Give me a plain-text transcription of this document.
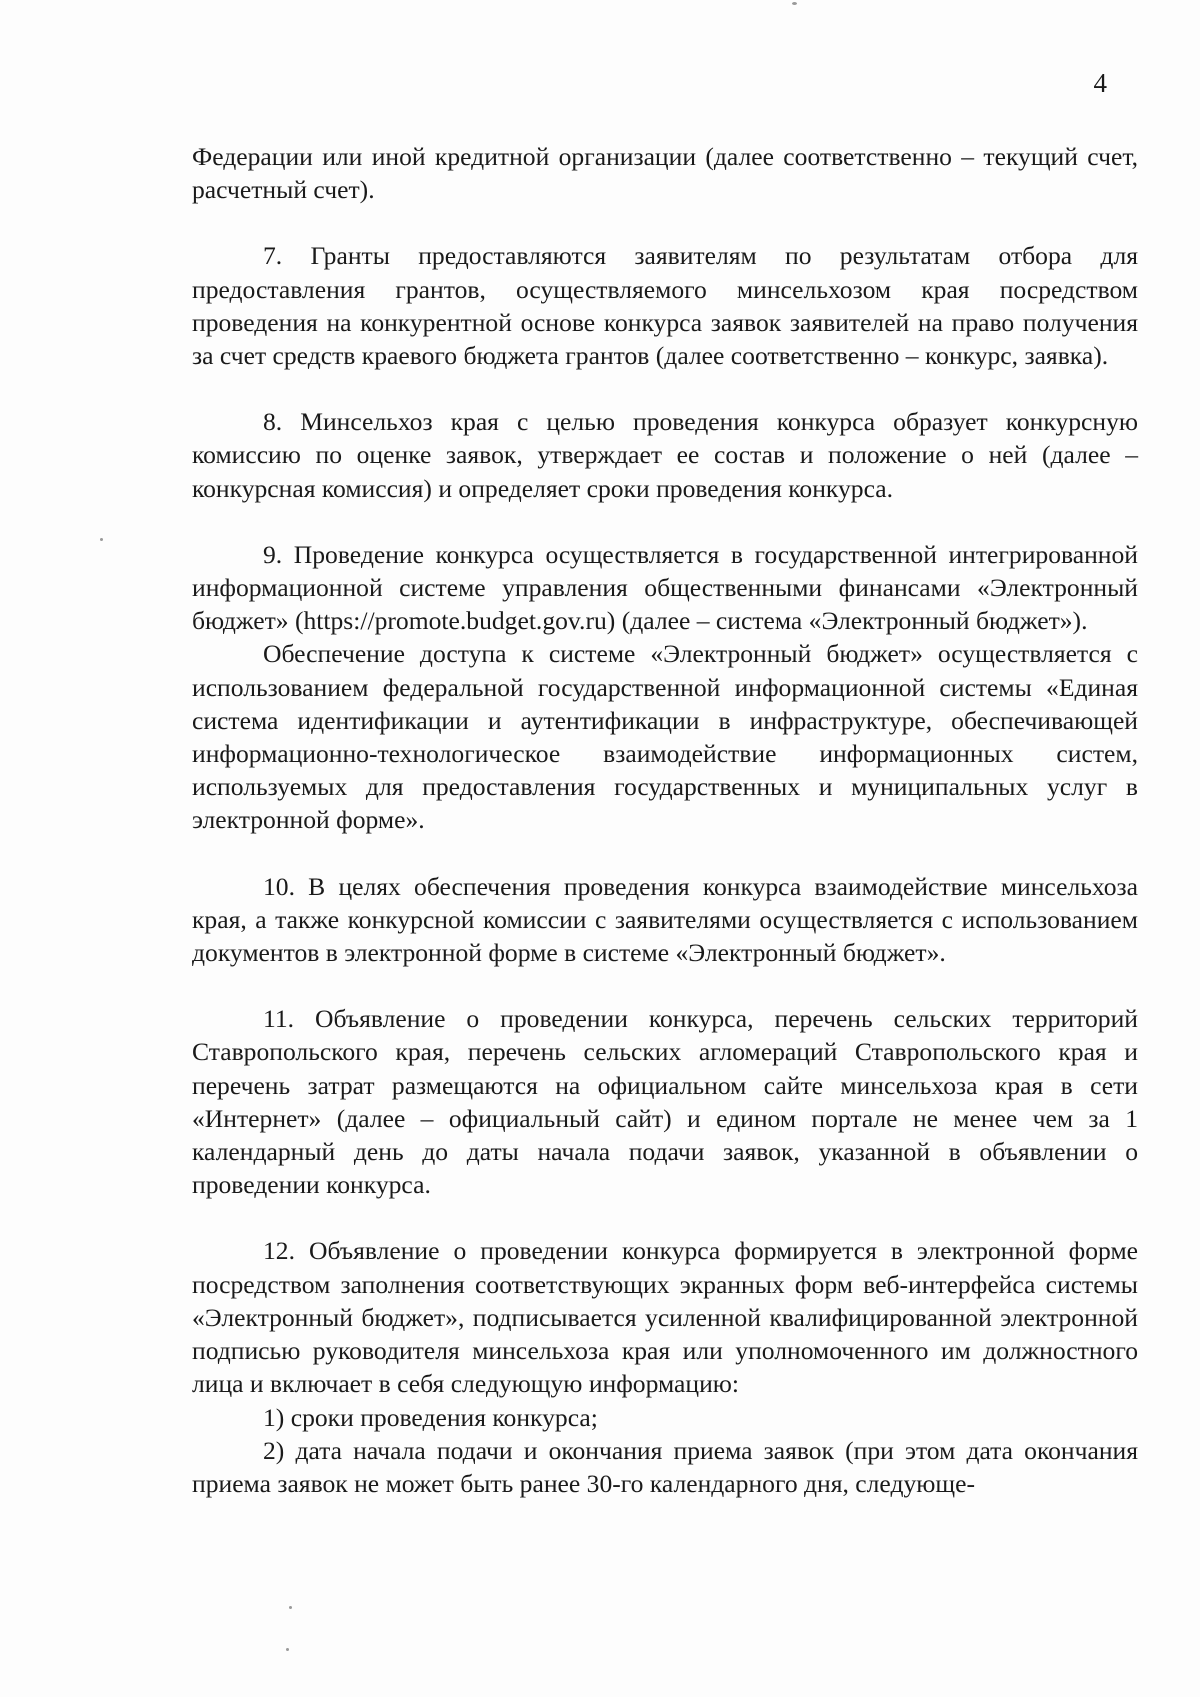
4

Федерации или иной кредитной организации (далее соответственно – текущий счет, расчетный счет).

7. Гранты предоставляются заявителям по результатам отбора для предоставления грантов, осуществляемого минсельхозом края посредством проведения на конкурентной основе конкурса заявок заявителей на право получения за счет средств краевого бюджета грантов (далее соответственно – конкурс, заявка).

8. Минсельхоз края с целью проведения конкурса образует конкурсную комиссию по оценке заявок, утверждает ее состав и положение о ней (далее – конкурсная комиссия) и определяет сроки проведения конкурса.

9. Проведение конкурса осуществляется в государственной интегрированной информационной системе управления общественными финансами «Электронный бюджет» (https://promote.budget.gov.ru) (далее – система «Электронный бюджет»).

Обеспечение доступа к системе «Электронный бюджет» осуществляется с использованием федеральной государственной информационной системы «Единая система идентификации и аутентификации в инфраструктуре, обеспечивающей информационно-технологическое взаимодействие информационных систем, используемых для предоставления государственных и муниципальных услуг в электронной форме».

10. В целях обеспечения проведения конкурса взаимодействие минсельхоза края, а также конкурсной комиссии с заявителями осуществляется с использованием документов в электронной форме в системе «Электронный бюджет».

11. Объявление о проведении конкурса, перечень сельских территорий Ставропольского края, перечень сельских агломераций Ставропольского края и перечень затрат размещаются на официальном сайте минсельхоза края в сети «Интернет» (далее – официальный сайт) и едином портале не менее чем за 1 календарный день до даты начала подачи заявок, указанной в объявлении о проведении конкурса.

12. Объявление о проведении конкурса формируется в электронной форме посредством заполнения соответствующих экранных форм веб-интерфейса системы «Электронный бюджет», подписывается усиленной квалифицированной электронной подписью руководителя минсельхоза края или уполномоченного им должностного лица и включает в себя следующую информацию:

1) сроки проведения конкурса;

2) дата начала подачи и окончания приема заявок (при этом дата окончания приема заявок не может быть ранее 30-го календарного дня, следующе-
